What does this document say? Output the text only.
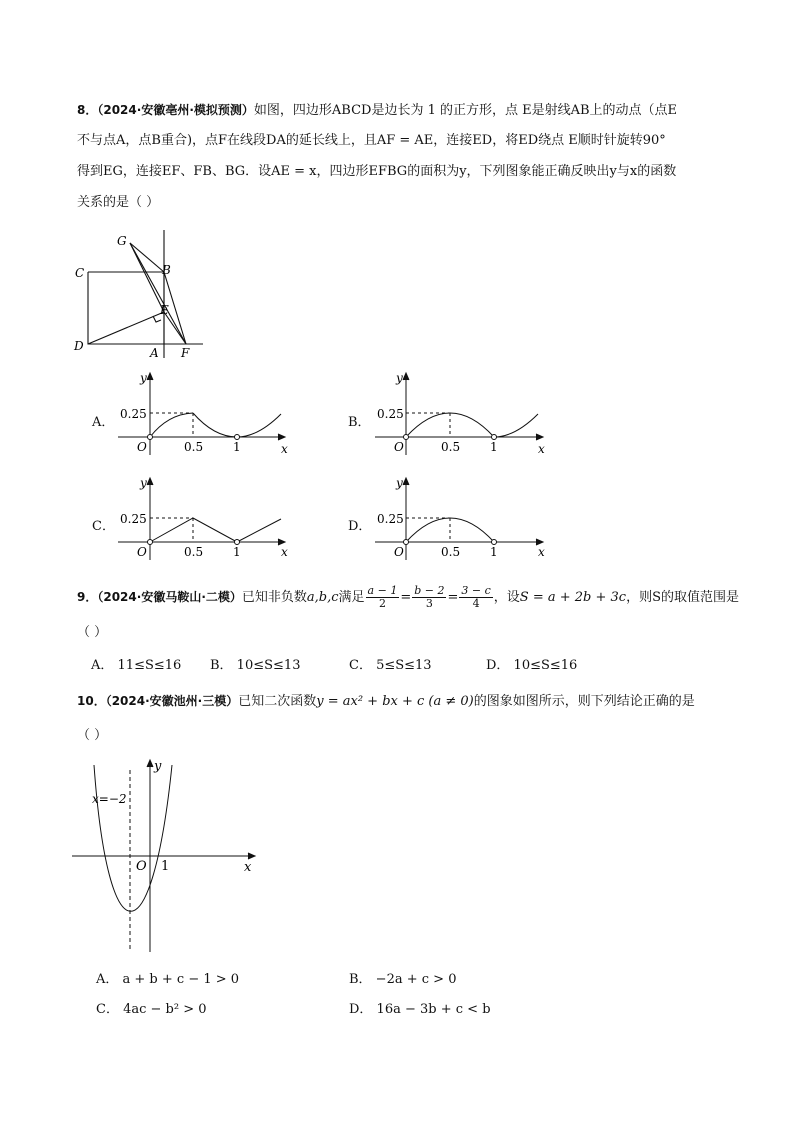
8．（2024·安徽亳州·模拟预测）如图，四边形ABCD是边长为 1 的正方形，点 E是射线AB上的动点（点E
不与点A，点B重合)，点F在线段DA的延长线上，且AF = AE，连接ED，将ED绕点 E顺时针旋转90°
得到EG，连接EF、FB、BG．设AE = x，四边形EFBG的面积为y，下列图象能正确反映出y与x的函数
关系的是（ ）
G
C	B
E
D	A F
A．	B．
C．	D．
y
0.25
O	0.5 1	x
y
0.25
O	0.5 1	x
y
0.25
O	0.5 1	x
y
0.25
O	0.5 1	x
9．（2024·安徽马鞍山·二模）已知非负数a,b,c满足 $\frac{a - 1}{2} = \frac{b - 2}{3} = \frac{3 - c}{4}$ ，设S = a + 2b + 3c，则S的取值范围是
（ ）
A． 11≤S≤16 B． 10≤S≤13	C． 5≤S≤13	D． 10≤S≤16
10．（2024·安徽池州·三模）已知二次函数y = ax² + bx + c (a ≠ 0)的图象如图所示，则下列结论正确的是
（ ）
x=−2
y
O 1	x
A． a + b + c − 1 > 0	B． −2a + c > 0
C． 4ac − b² > 0	D． 16a − 3b + c < b
